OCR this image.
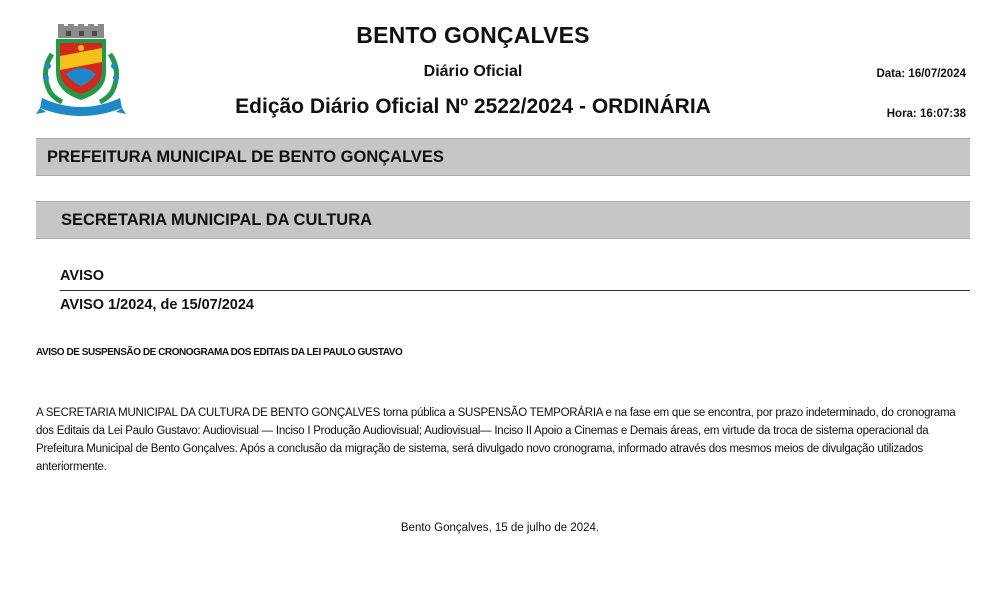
BENTO GONÇALVES
Diário Oficial
Edição Diário Oficial Nº 2522/2024 - ORDINÁRIA
Data: 16/07/2024
Hora: 16:07:38
PREFEITURA MUNICIPAL DE BENTO GONÇALVES
SECRETARIA MUNICIPAL DA CULTURA
AVISO
AVISO 1/2024, de 15/07/2024
AVISO DE SUSPENSÃO DE CRONOGRAMA DOS EDITAIS DA LEI PAULO GUSTAVO

A SECRETARIA MUNICIPAL DA CULTURA DE BENTO GONÇALVES torna pública a SUSPENSÃO TEMPORÁRIA e na fase em que se encontra, por prazo indeterminado, do cronograma dos Editais da Lei Paulo Gustavo: Audiovisual — Inciso I Produção Audiovisual; Audiovisual— Inciso II Apoio a Cinemas e Demais áreas, em virtude da troca de sistema operacional da Prefeitura Municipal de Bento Gonçalves. Após a conclusão da migração de sistema, será divulgado novo cronograma, informado através dos mesmos meios de divulgação utilizados anteriormente.

Bento Gonçalves, 15 de julho de 2024.
